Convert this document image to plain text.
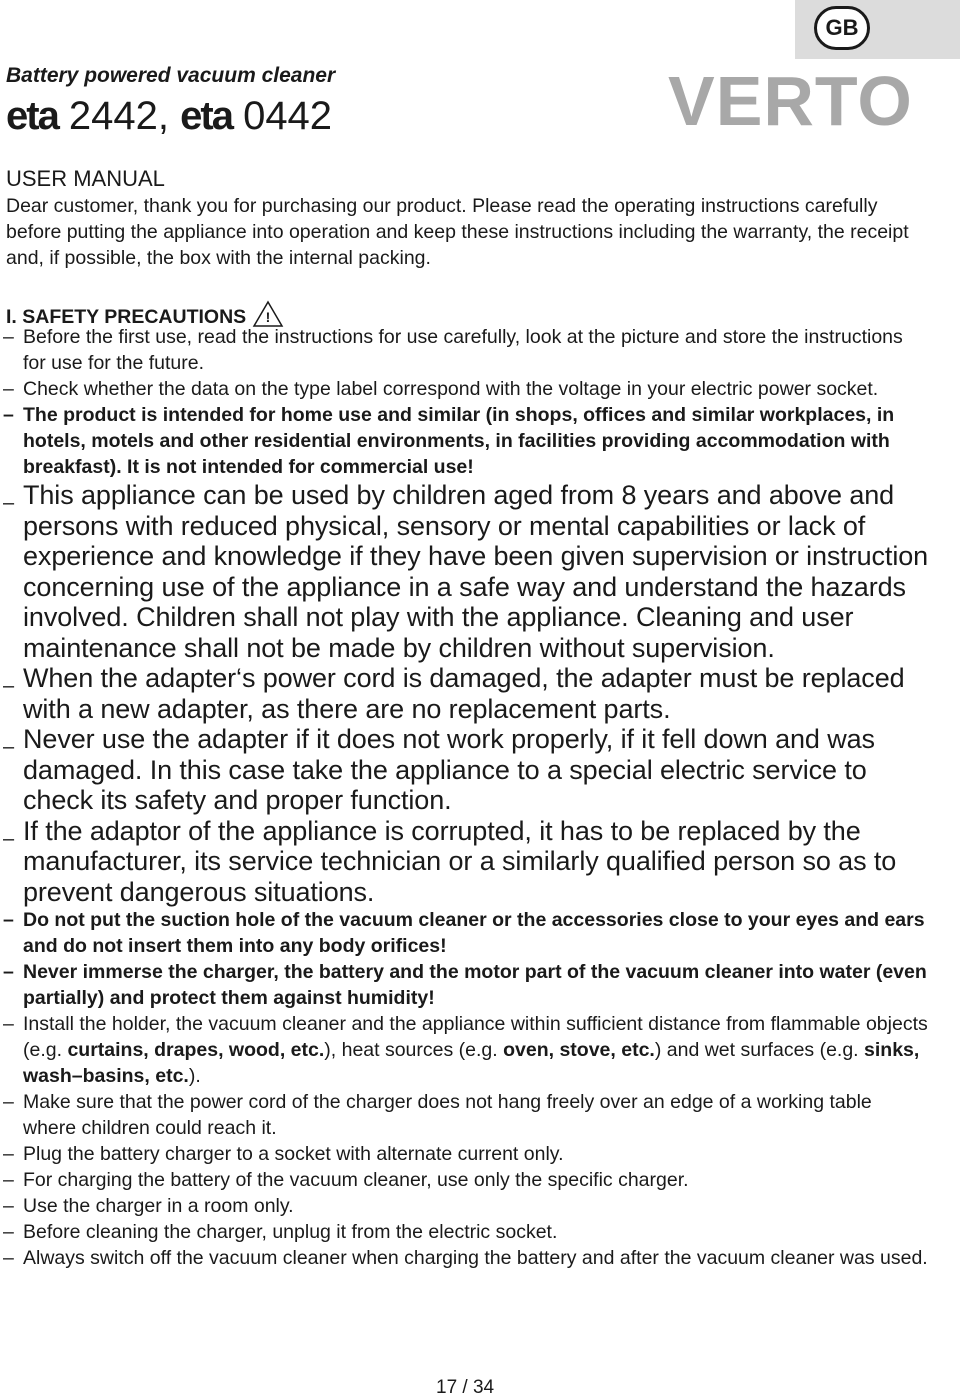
GB
VERTO
Battery powered vacuum cleaner
eta 2442, eta 0442
USER MANUAL
Dear customer, thank you for purchasing our product. Please read the operating instructions carefully before putting the appliance into operation and keep these instructions including the warranty, the receipt and, if possible, the box with the internal packing.
I. SAFETY PRECAUTIONS !
– Before the first use, read the instructions for use carefully, look at the picture and store the instructions for use for the future.
– Check whether the data on the type label correspond with the voltage in your electric power socket.
– The product is intended for home use and similar (in shops, offices and similar workplaces, in hotels, motels and other residential environments, in facilities providing accommodation with breakfast). It is not intended for commercial use!
– This appliance can be used by children aged from 8 years and above and persons with reduced physical, sensory or mental capabilities or lack of experience and knowledge if they have been given supervision or instruction concerning use of the appliance in a safe way and understand the hazards involved. Children shall not play with the appliance. Cleaning and user maintenance shall not be made by children without supervision.
– When the adapter‘s power cord is damaged, the adapter must be replaced with a new adapter, as there are no replacement parts.
– Never use the adapter if it does not work properly, if it fell down and was damaged. In this case take the appliance to a special electric service to check its safety and proper function.
– If the adaptor of the appliance is corrupted, it has to be replaced by the manufacturer, its service technician or a similarly qualified person so as to prevent dangerous situations.
– Do not put the suction hole of the vacuum cleaner or the accessories close to your eyes and ears and do not insert them into any body orifices!
– Never immerse the charger, the battery and the motor part of the vacuum cleaner into water (even partially) and protect them against humidity!
– Install the holder, the vacuum cleaner and the appliance within sufficient distance from flammable objects (e.g. curtains, drapes, wood, etc.), heat sources (e.g. oven, stove, etc.) and wet surfaces (e.g. sinks, wash–basins, etc.).
– Make sure that the power cord of the charger does not hang freely over an edge of a working table where children could reach it.
– Plug the battery charger to a socket with alternate current only.
– For charging the battery of the vacuum cleaner, use only the specific charger.
– Use the charger in a room only.
– Before cleaning the charger, unplug it from the electric socket.
– Always switch off the vacuum cleaner when charging the battery and after the vacuum cleaner was used.
17 / 34
